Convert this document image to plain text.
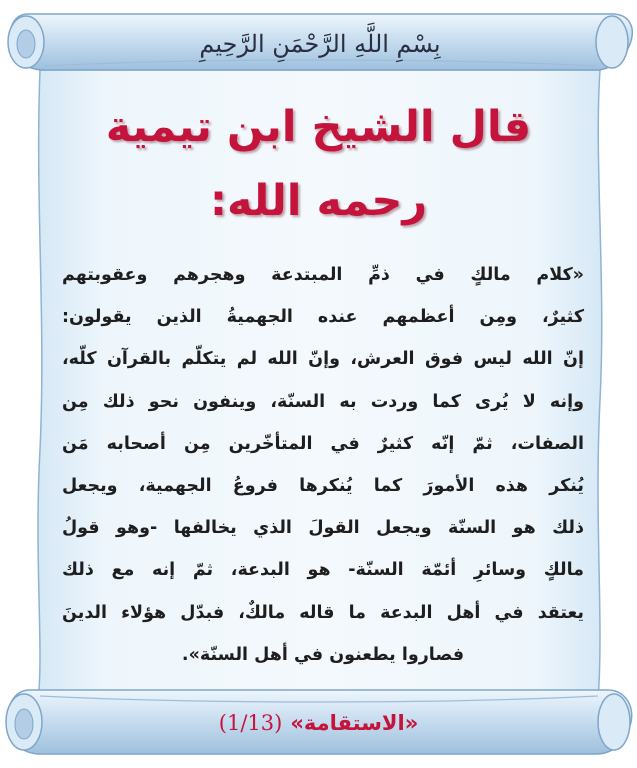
بِسْمِ اللَّهِ الرَّحْمَنِ الرَّحِيمِ
قال الشيخ ابن تيمية
رحمه الله:
«كلام مالكٍ في ذمِّ المبتدعة وهجرهم وعقوبتهم
كثيرٌ، ومِن أعظمهم عنده الجهميةُ الذين يقولون:
إنّ الله ليس فوق العرش، وإنّ الله لم يتكلّم بالقرآن كلّه،
وإنه لا يُرى كما وردت به السنّة، وينفون نحو ذلك مِن
الصفات، ثمّ إنّه كثيرٌ في المتأخّرين مِن أصحابه مَن
يُنكر هذه الأمورَ كما يُنكرها فروعُ الجهمية، ويجعل
ذلك هو السنّة ويجعل القولَ الذي يخالفها -وهو قولُ
مالكٍ وسائرِ أئمّة السنّة- هو البدعة، ثمّ إنه مع ذلك
يعتقد في أهل البدعة ما قاله مالكٌ، فبدّل هؤلاء الدينَ
فصاروا يطعنون في أهل السنّة».
«الاستقامة»
(1/13)
